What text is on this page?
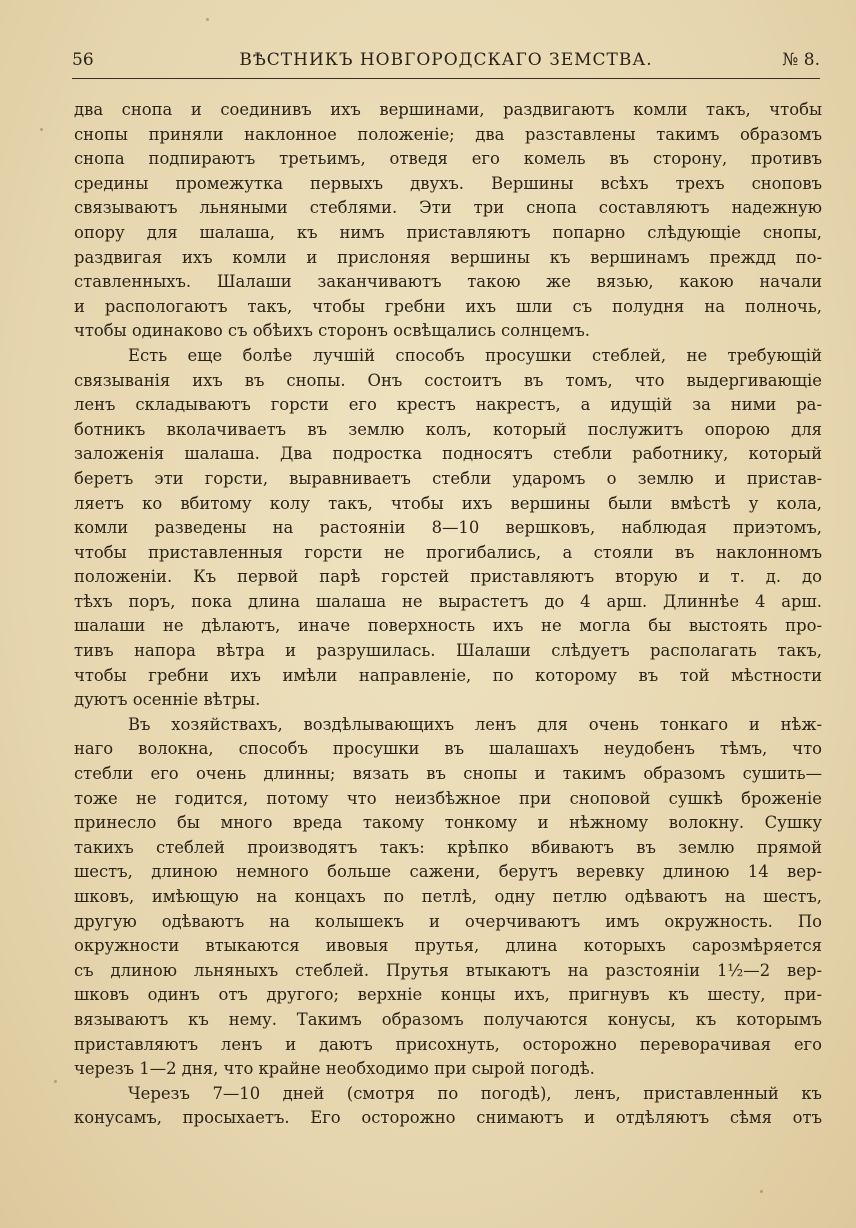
56	ВѢСТНИКЪ НОВГОРОДСКАГО ЗЕМСТВА.	№ 8.
два снопа и соединивъ ихъ вершинами, раздвигаютъ комли такъ, чтобы
снопы приняли наклонное положенiе; два разставлены такимъ образомъ
снопа подпираютъ третьимъ, отведя его комель въ сторону, противъ
средины промежутка первыхъ двухъ. Вершины всѣхъ трехъ сноповъ
связываютъ льняными стеблями. Эти три снопа составляютъ надежную
опору для шалаша, къ нимъ приставляютъ попарно слѣдующiе снопы,
раздвигая ихъ комли и прислоняя вершины къ вершинамъ преждд по-
ставленныхъ. Шалаши заканчиваютъ такою же вязью, какою начали
и распологаютъ такъ, чтобы гребни ихъ шли съ полудня на полночь,
чтобы одинаково съ обѣихъ сторонъ освѣщались солнцемъ.
Есть еще болѣе лучшiй способъ просушки стеблей, не требующiй
связыванiя ихъ въ снопы. Онъ состоитъ въ томъ, что выдергивающiе
ленъ складываютъ горсти его крестъ накрестъ, а идущiй за ними ра-
ботникъ вколачиваетъ въ землю колъ, который послужитъ опорою для
заложенiя шалаша. Два подростка подносятъ стебли работнику, который
беретъ эти горсти, выравниваетъ стебли ударомъ о землю и пристав-
ляетъ ко вбитому колу такъ, чтобы ихъ вершины были вмѣстѣ у кола,
комли разведены на растоянiи 8—10 вершковъ, наблюдая приэтомъ,
чтобы приставленныя горсти не прогибались, а стояли въ наклонномъ
положенiи. Къ первой парѣ горстей приставляютъ вторую и т. д. до
тѣхъ поръ, пока длина шалаша не выраcтетъ до 4 арш. Длиннѣе 4 арш.
шалаши не дѣлаютъ, иначе поверхность ихъ не могла бы выстоять про-
тивъ напора вѣтра и разрушилась. Шалаши слѣдуетъ располагать такъ,
чтобы гребни ихъ имѣли направленiе, по которому въ той мѣстности
дуютъ осеннiе вѣтры.
Въ хозяйствахъ, воздѣлывающихъ ленъ для очень тонкаго и нѣж-
наго волокна, способъ просушки въ шалашахъ неудобенъ тѣмъ, что
стебли его очень длинны; вязать въ снопы и такимъ образомъ сушить—
тоже не годится, потому что неизбѣжное при сноповой сушкѣ броженiе
принесло бы много вреда такому тонкому и нѣжному волокну. Сушку
такихъ стеблей производятъ такъ: крѣпко вбиваютъ въ землю прямой
шестъ, длиною немного больше сажени, берутъ веревку длиною 14 вер-
шковъ, имѣющую на концахъ по петлѣ, одну петлю одѣваютъ на шестъ,
другую одѣваютъ на колышекъ и очерчиваютъ имъ окружность. По
окружности втыкаются ивовыя прутья, длина которыхъ сарозмѣряется
съ длиною льняныхъ стеблей. Прутья втыкаютъ на разстоянiи 1½—2 вер-
шковъ одинъ отъ другого; верхнiе концы ихъ, пригнувъ къ шесту, при-
вязываютъ къ нему. Такимъ образомъ получаются конусы, къ которымъ
приставляютъ ленъ и даютъ присохнуть, осторожно переворачивая его
черезъ 1—2 дня, что крайне необходимо при сырой погодѣ.
Черезъ 7—10 дней (смотря по погодѣ), ленъ, приставленный къ
конусамъ, просыхаетъ. Его осторожно снимаютъ и отдѣляютъ сѣмя отъ
